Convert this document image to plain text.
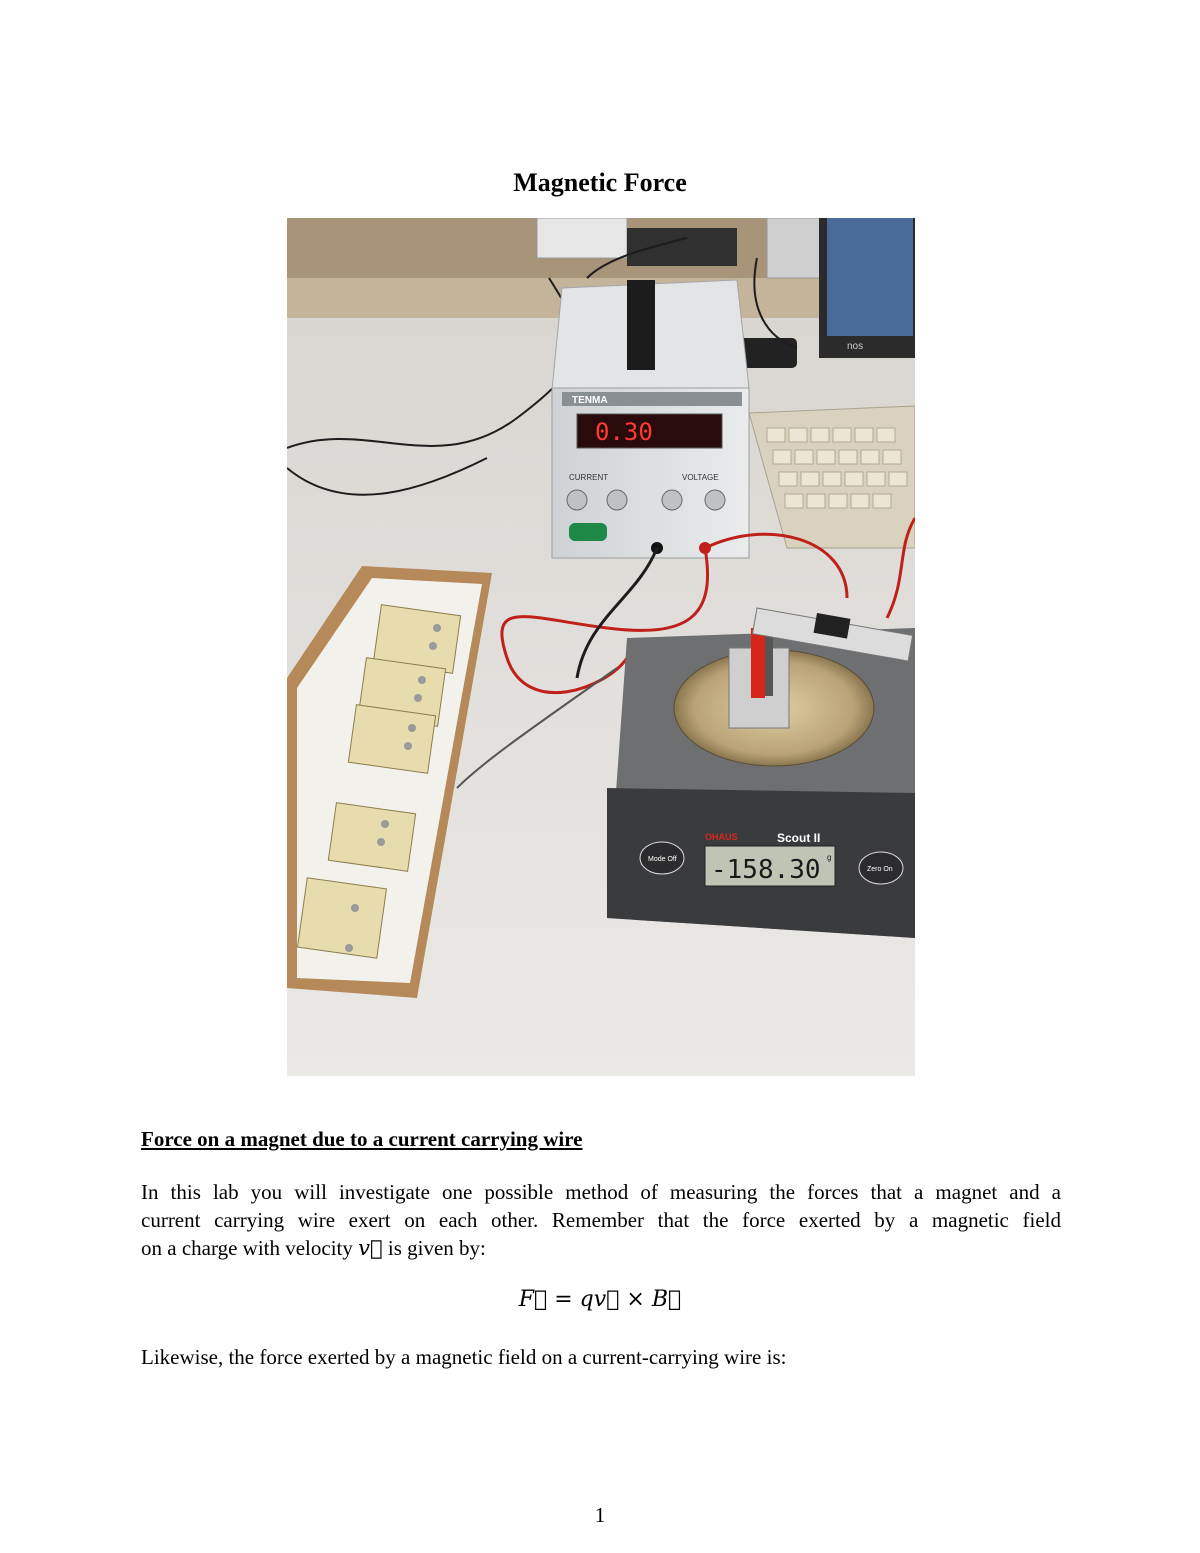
Magnetic Force
nos
TENMA
0.30
CURRENT	VOLTAGE
OHAUS	Scout II
-158.30 g
Mode Off
Zero On
Force on a magnet due to a current carrying wire
In this lab you will investigate one possible method of measuring the forces that a magnet and a
current carrying wire exert on each other. Remember that the force exerted by a magnetic field
on a charge with velocity v⃗ is given by:
F⃗ = qv⃗ × B⃗
Likewise, the force exerted by a magnetic field on a current-carrying wire is:
1
